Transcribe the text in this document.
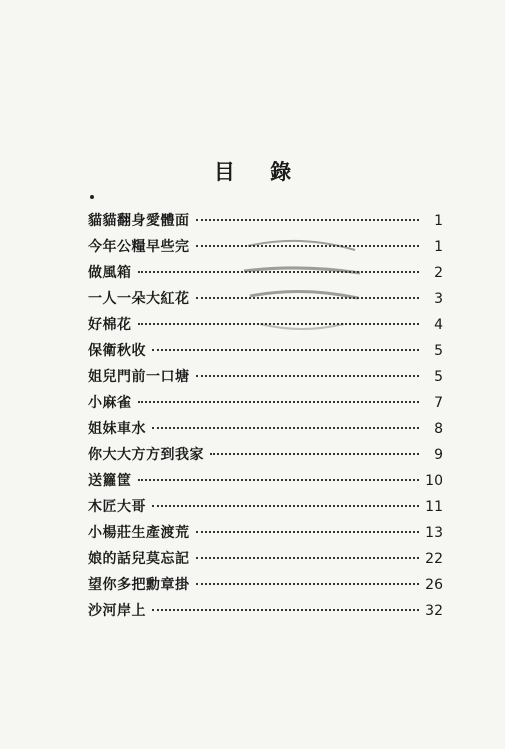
目 錄
貓貓翻身愛體面	1
今年公糧早些完	1
做風箱	2
一人一朵大紅花	3
好棉花	4
保衛秋收	5
姐兒門前一口塘	5
小麻雀	7
姐妹車水	8
你大大方方到我家	9
送籮筐	10
木匠大哥	11
小楊莊生產渡荒	13
娘的話兒莫忘記	22
望你多把勳章掛	26
沙河岸上	32
